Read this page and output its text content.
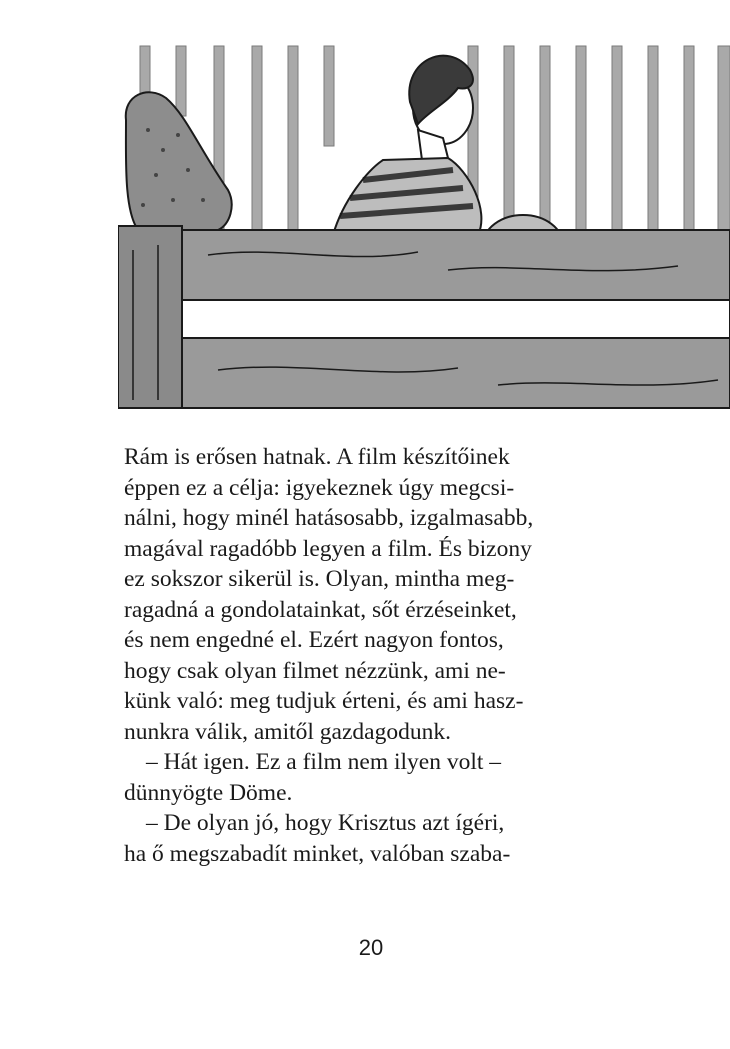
Rám is erősen hatnak. A film készítőinek
éppen ez a célja: igyekeznek úgy megcsi-
nálni, hogy minél hatásosabb, izgalmasabb,
magával ragadóbb legyen a film. És bizony
ez sokszor sikerül is. Olyan, mintha meg-
ragadná a gondolatainkat, sőt érzéseinket,
és nem engedné el. Ezért nagyon fontos,
hogy csak olyan filmet nézzünk, ami ne-
künk való: meg tudjuk érteni, és ami hasz-
nunkra válik, amitől gazdagodunk.
– Hát igen. Ez a film nem ilyen volt –
dünnyögte Döme.
– De olyan jó, hogy Krisztus azt ígéri,
ha ő megszabadít minket, valóban szaba-
20
